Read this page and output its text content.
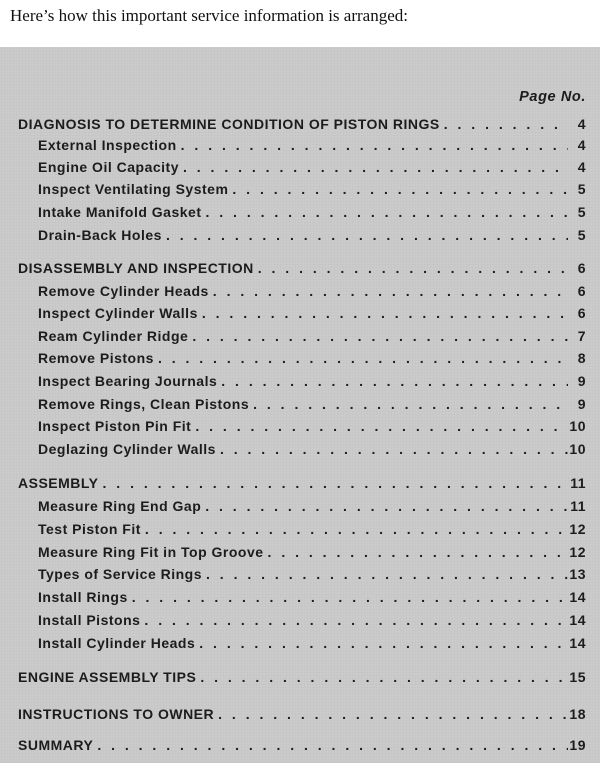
Here’s how this important service information is arranged:
Page No.
DIAGNOSIS TO DETERMINE CONDITION OF PISTON RINGS . . .	4
External Inspection . . .	4
Engine Oil Capacity . . .	4
Inspect Ventilating System . . .	5
Intake Manifold Gasket . . .	5
Drain-Back Holes . . .	5
DISASSEMBLY AND INSPECTION . . .	6
Remove Cylinder Heads . . .	6
Inspect Cylinder Walls . . .	6
Ream Cylinder Ridge . . .	7
Remove Pistons . . .	8
Inspect Bearing Journals . . .	9
Remove Rings, Clean Pistons . . .	9
Inspect Piston Pin Fit . . .	10
Deglazing Cylinder Walls . . .	10
ASSEMBLY . . .	11
Measure Ring End Gap . . .	11
Test Piston Fit . . .	12
Measure Ring Fit in Top Groove . . .	12
Types of Service Rings . . .	13
Install Rings . . .	14
Install Pistons . . .	14
Install Cylinder Heads . . .	14
ENGINE ASSEMBLY TIPS . . .	15
INSTRUCTIONS TO OWNER . . .	18
SUMMARY . . .	19
